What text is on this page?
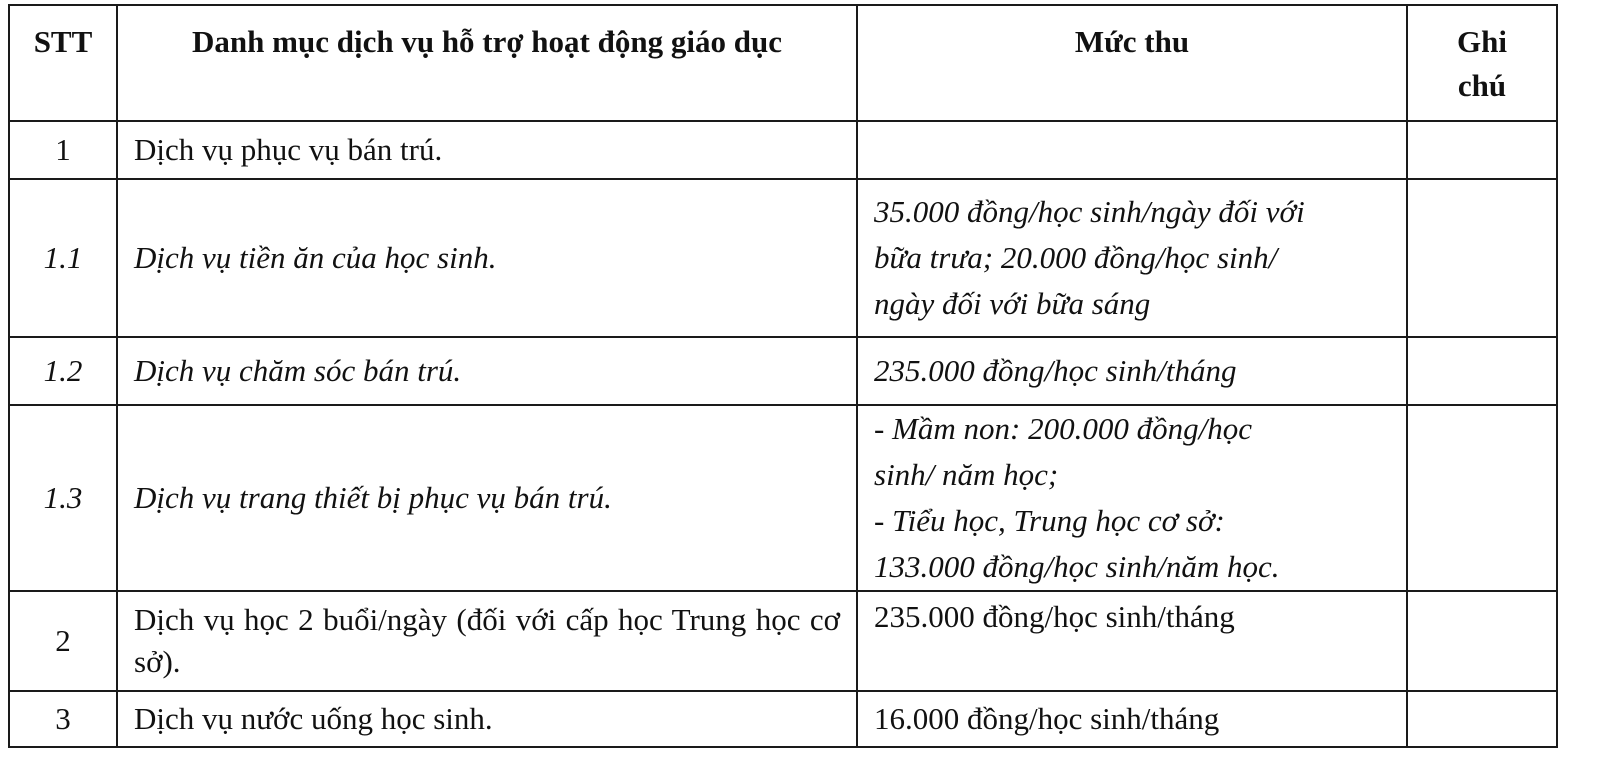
STT	Danh mục dịch vụ hỗ trợ hoạt động giáo dục	Mức thu	Ghi chú
1	Dịch vụ phục vụ bán trú.		
1.1	Dịch vụ tiền ăn của học sinh.	35.000 đồng/học sinh/ngày đối với
bữa trưa; 20.000 đồng/học sinh/
ngày đối với bữa sáng	

1.2	Dịch vụ chăm sóc bán trú.	235.000 đồng/học sinh/tháng	

1.3	Dịch vụ trang thiết bị phục vụ bán trú.	- Mầm non: 200.000 đồng/học
sinh/ năm học;
- Tiểu học, Trung học cơ sở:
133.000 đồng/học sinh/năm học.	

2	Dịch vụ học 2 buổi/ngày (đối với cấp học Trung học cơ sở).	235.000 đồng/học sinh/tháng	

3	Dịch vụ nước uống học sinh.	16.000 đồng/học sinh/tháng	
